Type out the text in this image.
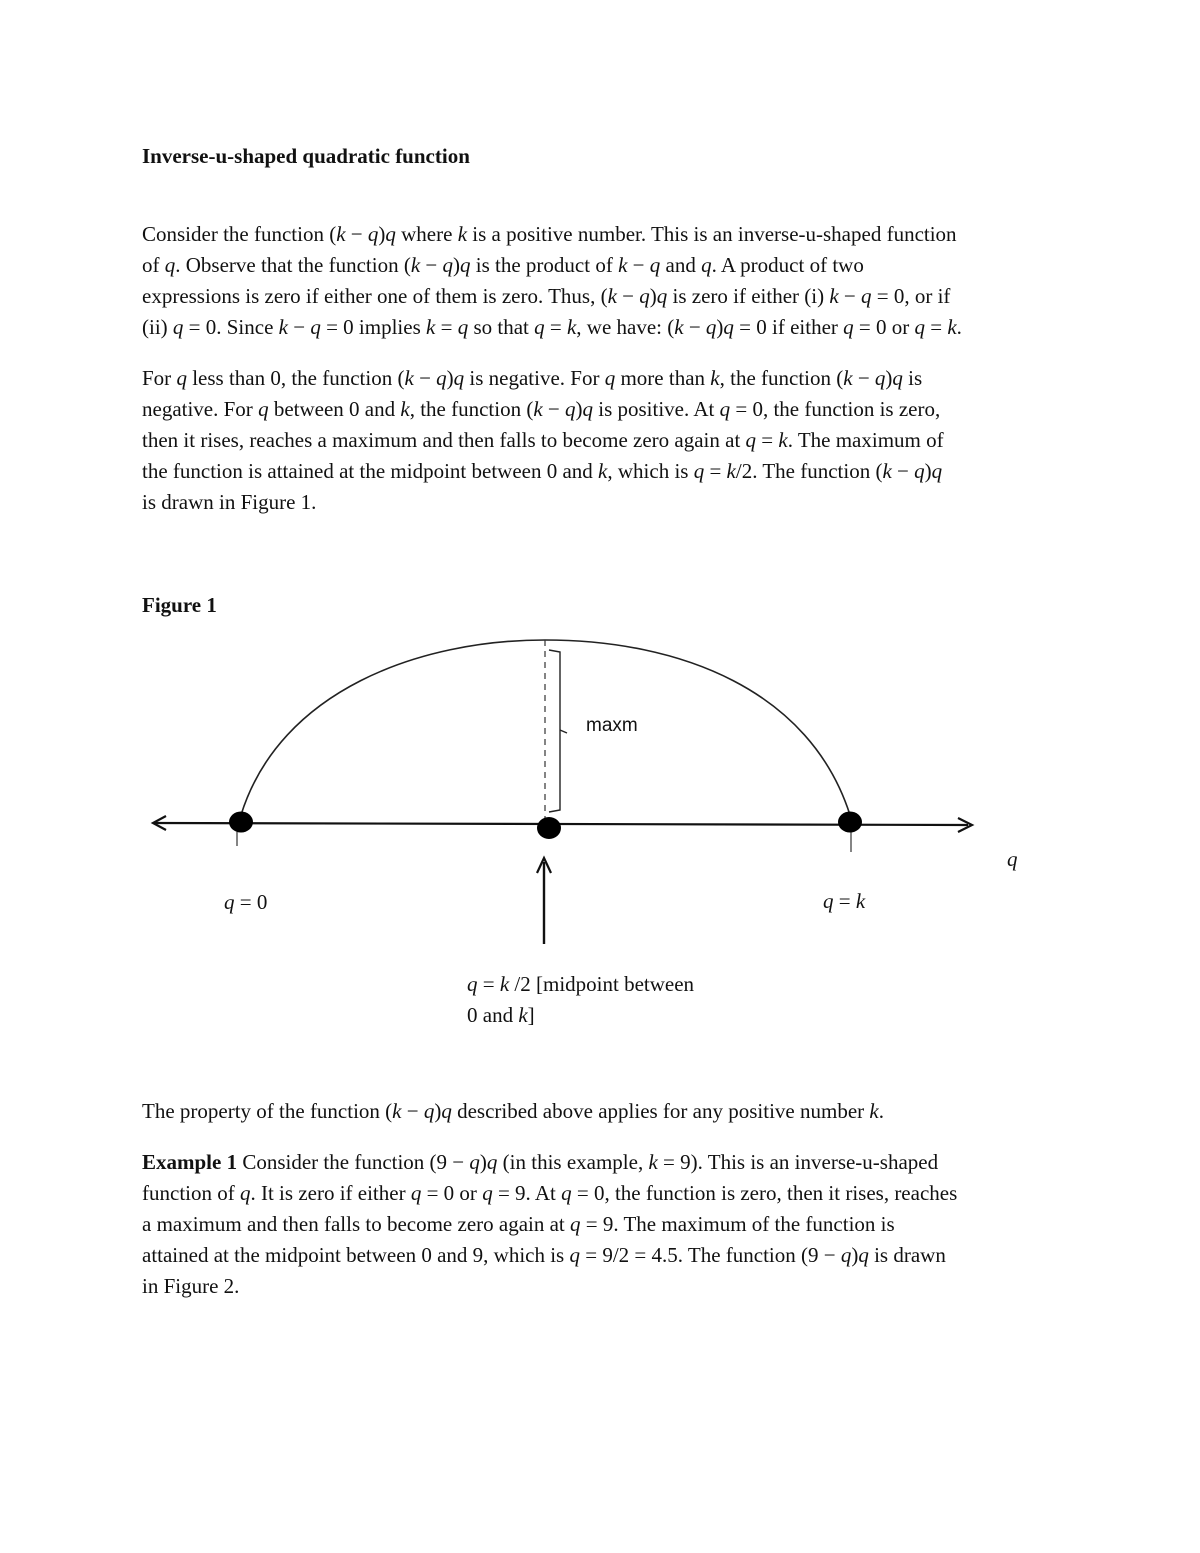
Inverse-u-shaped quadratic function
Consider the function (k − q)q where k is a positive number. This is an inverse-u-shaped function
of q. Observe that the function (k − q)q is the product of k − q and q. A product of two
expressions is zero if either one of them is zero. Thus, (k − q)q is zero if either (i) k − q = 0, or if
(ii) q = 0. Since k − q = 0 implies k = q so that q = k, we have: (k − q)q = 0 if either q = 0 or q = k.
For q less than 0, the function (k − q)q is negative. For q more than k, the function (k − q)q is
negative. For q between 0 and k, the function (k − q)q is positive. At q = 0, the function is zero,
then it rises, reaches a maximum and then falls to become zero again at q = k. The maximum of
the function is attained at the midpoint between 0 and k, which is q = k/2. The function (k − q)q
is drawn in Figure 1.
Figure 1
maxm
q
q = 0	q = k
q = k /2 [midpoint between
0 and k]
The property of the function (k − q)q described above applies for any positive number k.
Example 1 Consider the function (9 − q)q (in this example, k = 9). This is an inverse-u-shaped
function of q. It is zero if either q = 0 or q = 9. At q = 0, the function is zero, then it rises, reaches
a maximum and then falls to become zero again at q = 9. The maximum of the function is
attained at the midpoint between 0 and 9, which is q = 9/2 = 4.5. The function (9 − q)q is drawn
in Figure 2.
